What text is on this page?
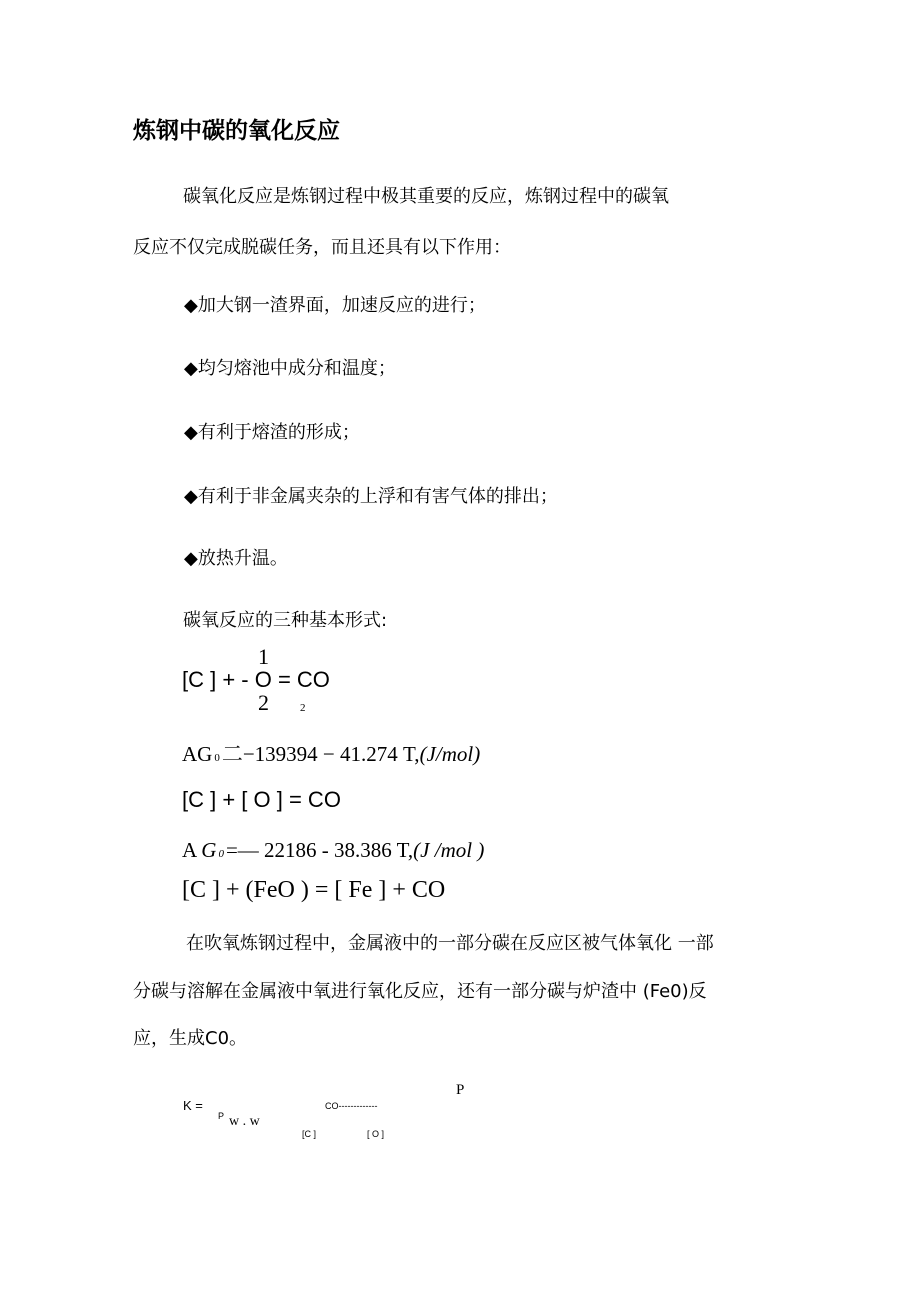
炼钢中碳的氧化反应
碳氧化反应是炼钢过程中极其重要的反应，炼钢过程中的碳氧
反应不仅完成脱碳任务，而且还具有以下作用：
◆加大钢一渣界面，加速反应的进行；
◆均匀熔池中成分和温度；
◆有利于熔渣的形成；
◆有利于非金属夹杂的上浮和有害气体的排出；
◆放热升温。
碳氧反应的三种基本形式:
1
[C ] + - O = CO
2	2
AG 0二−139394 − 41.274 T,(J/mol)
[C ] + [ O ] = CO
A G 0=— 22186 - 38.386 T,(J /mol )
[C ] + (FeO ) = [ Fe ] + CO
在吹氧炼钢过程中，金属液中的一部分碳在反应区被气体氧化 一部
分碳与溶解在金属液中氧进行氧化反应，还有一部分碳与炉渣中 (Fe0)反
应，生成C0。
P
K =	CO-------------
P w . w
[C ]	[ O ]
